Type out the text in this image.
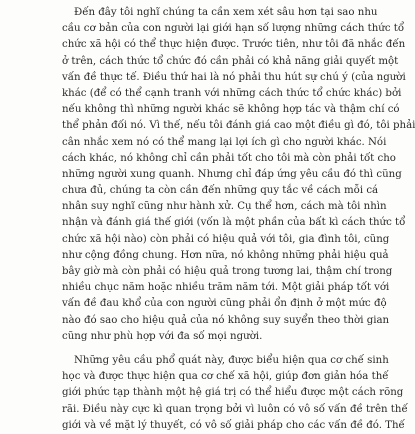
Đến đây tôi nghĩ chúng ta cần xem xét sâu hơn tại sao nhu
cầu cơ bản của con người lại giới hạn số lượng những cách thức tổ
chức xã hội có thể thực hiện được. Trước tiên, như tôi đã nhắc đến
ở trên, cách thức tổ chức đó cần phải có khả năng giải quyết một
vấn đề thực tế. Điều thứ hai là nó phải thu hút sự chú ý (của người
khác (để có thể cạnh tranh với những cách thức tổ chức khác) bởi
nếu không thì những người khác sẽ không hợp tác và thậm chí có
thể phản đối nó. Vì thế, nếu tôi đánh giá cao một điều gì đó, tôi phải
cân nhắc xem nó có thể mang lại lợi ích gì cho người khác. Nói
cách khác, nó không chỉ cần phải tốt cho tôi mà còn phải tốt cho
những người xung quanh. Nhưng chỉ đáp ứng yêu cầu đó thì cũng
chưa đủ, chúng ta còn cần đến những quy tắc về cách mỗi cá
nhân suy nghĩ cũng như hành xử. Cụ thể hơn, cách mà tôi nhìn
nhận và đánh giá thế giới (vốn là một phần của bất kì cách thức tổ
chức xã hội nào) còn phải có hiệu quả với tôi, gia đình tôi, cũng
như cộng đồng chung. Hơn nữa, nó không những phải hiệu quả
bây giờ mà còn phải có hiệu quả trong tương lai, thậm chí trong
nhiều chục năm hoặc nhiều trăm năm tới. Một giải pháp tốt với
vấn đề đau khổ của con người cũng phải ổn định ở một mức độ
nào đó sao cho hiệu quả của nó không suy suyển theo thời gian
cũng như phù hợp với đa số mọi người.

Những yêu cầu phổ quát này, được biểu hiện qua cơ chế sinh
học và được thực hiện qua cơ chế xã hội, giúp đơn giản hóa thế
giới phức tạp thành một hệ giá trị có thể hiểu được một cách rõng
rãi. Điều này cực kì quan trọng bởi vì luôn có vô số vấn đề trên thế
giới và về mặt lý thuyết, có vô số giải pháp cho các vấn đề đó. Thế
